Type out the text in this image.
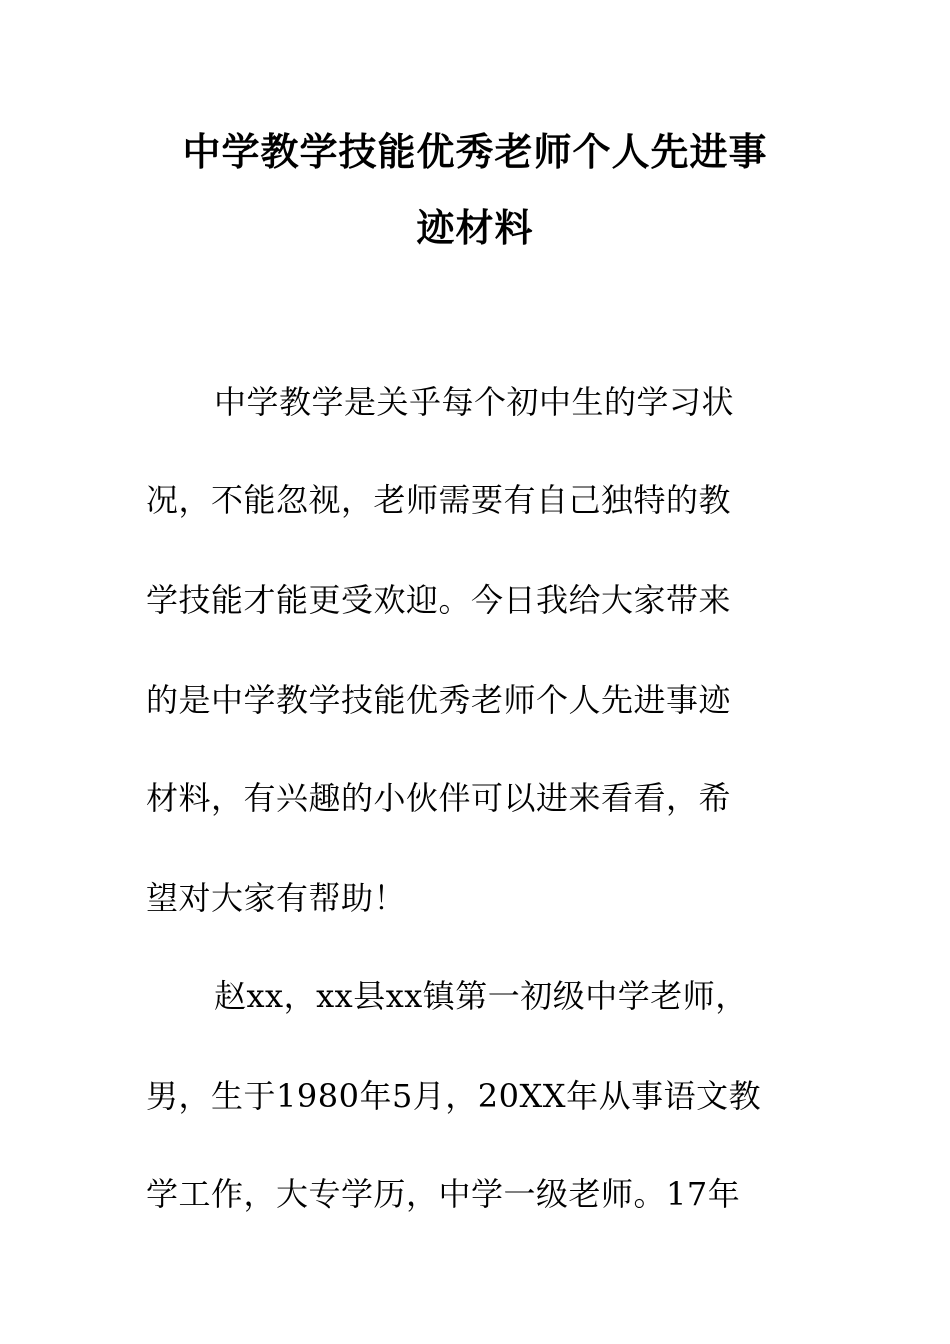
中学教学技能优秀老师个人先进事
迹材料
中学教学是关乎每个初中生的学习状
况，不能忽视，老师需要有自己独特的教
学技能才能更受欢迎。今日我给大家带来
的是中学教学技能优秀老师个人先进事迹
材料，有兴趣的小伙伴可以进来看看，希
望对大家有帮助！
赵xx，xx县xx镇第一初级中学老师，
男，生于1980年5月，20XX年从事语文教
学工作，大专学历，中学一级老师。17年
